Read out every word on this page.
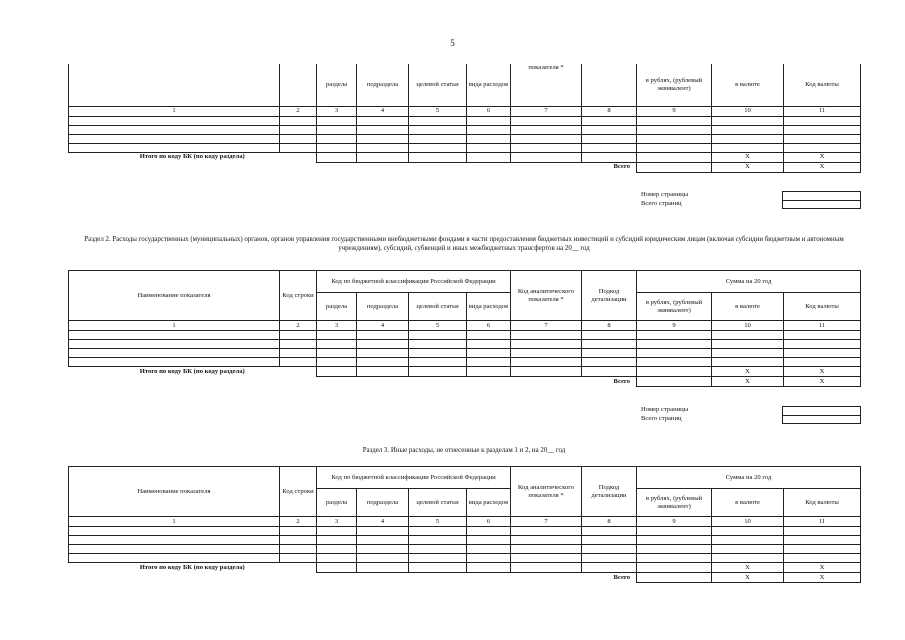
5
		раздела	подраздела	целевой статьи	вида расходов	показателя *		в рублях, (рублевый эквивалент)	в валюте	Код валюты
1	2	3	4	5	6	7	8	9	10	11

Итого по коду БК (по коду раздела)									X	X
Всего									X	X
Номер страницы
Всего страниц
Раздел 2. Расходы государственных (муниципальных) органов, органов управления государственными внебюджетными фондами в части предоставления бюджетных инвестиций и субсидий юридическим лицам (включая субсидии бюджетным и автономным учреждениям), субсидий, субвенций и иных межбюджетных трансфертов на 20__ год
Наименование показателя	Код строки	Код по бюджетной классификации Российской Федерации				Код аналитического показателя *	Подкод детализации	Сумма на 20 год		
		раздела	подраздела	целевой статьи	вида расходов			в рублях, (рублевый эквивалент)	в валюте	Код валюты
1	2	3	4	5	6	7	8	9	10	11

Итого по коду БК (по коду раздела)									X	X
Всего									X	X
Номер страницы
Всего страниц
Раздел 3. Иные расходы, не отнесенные к разделам 1 и 2, на 20__ год
Наименование показателя	Код строки	Код по бюджетной классификации Российской Федерации				Код аналитического показателя *	Подкод детализации	Сумма на 20 год		
		раздела	подраздела	целевой статьи	вида расходов			в рублях, (рублевый эквивалент)	в валюте	Код валюты
1	2	3	4	5	6	7	8	9	10	11

Итого по коду БК (по коду раздела)									X	X
Всего									X	X
